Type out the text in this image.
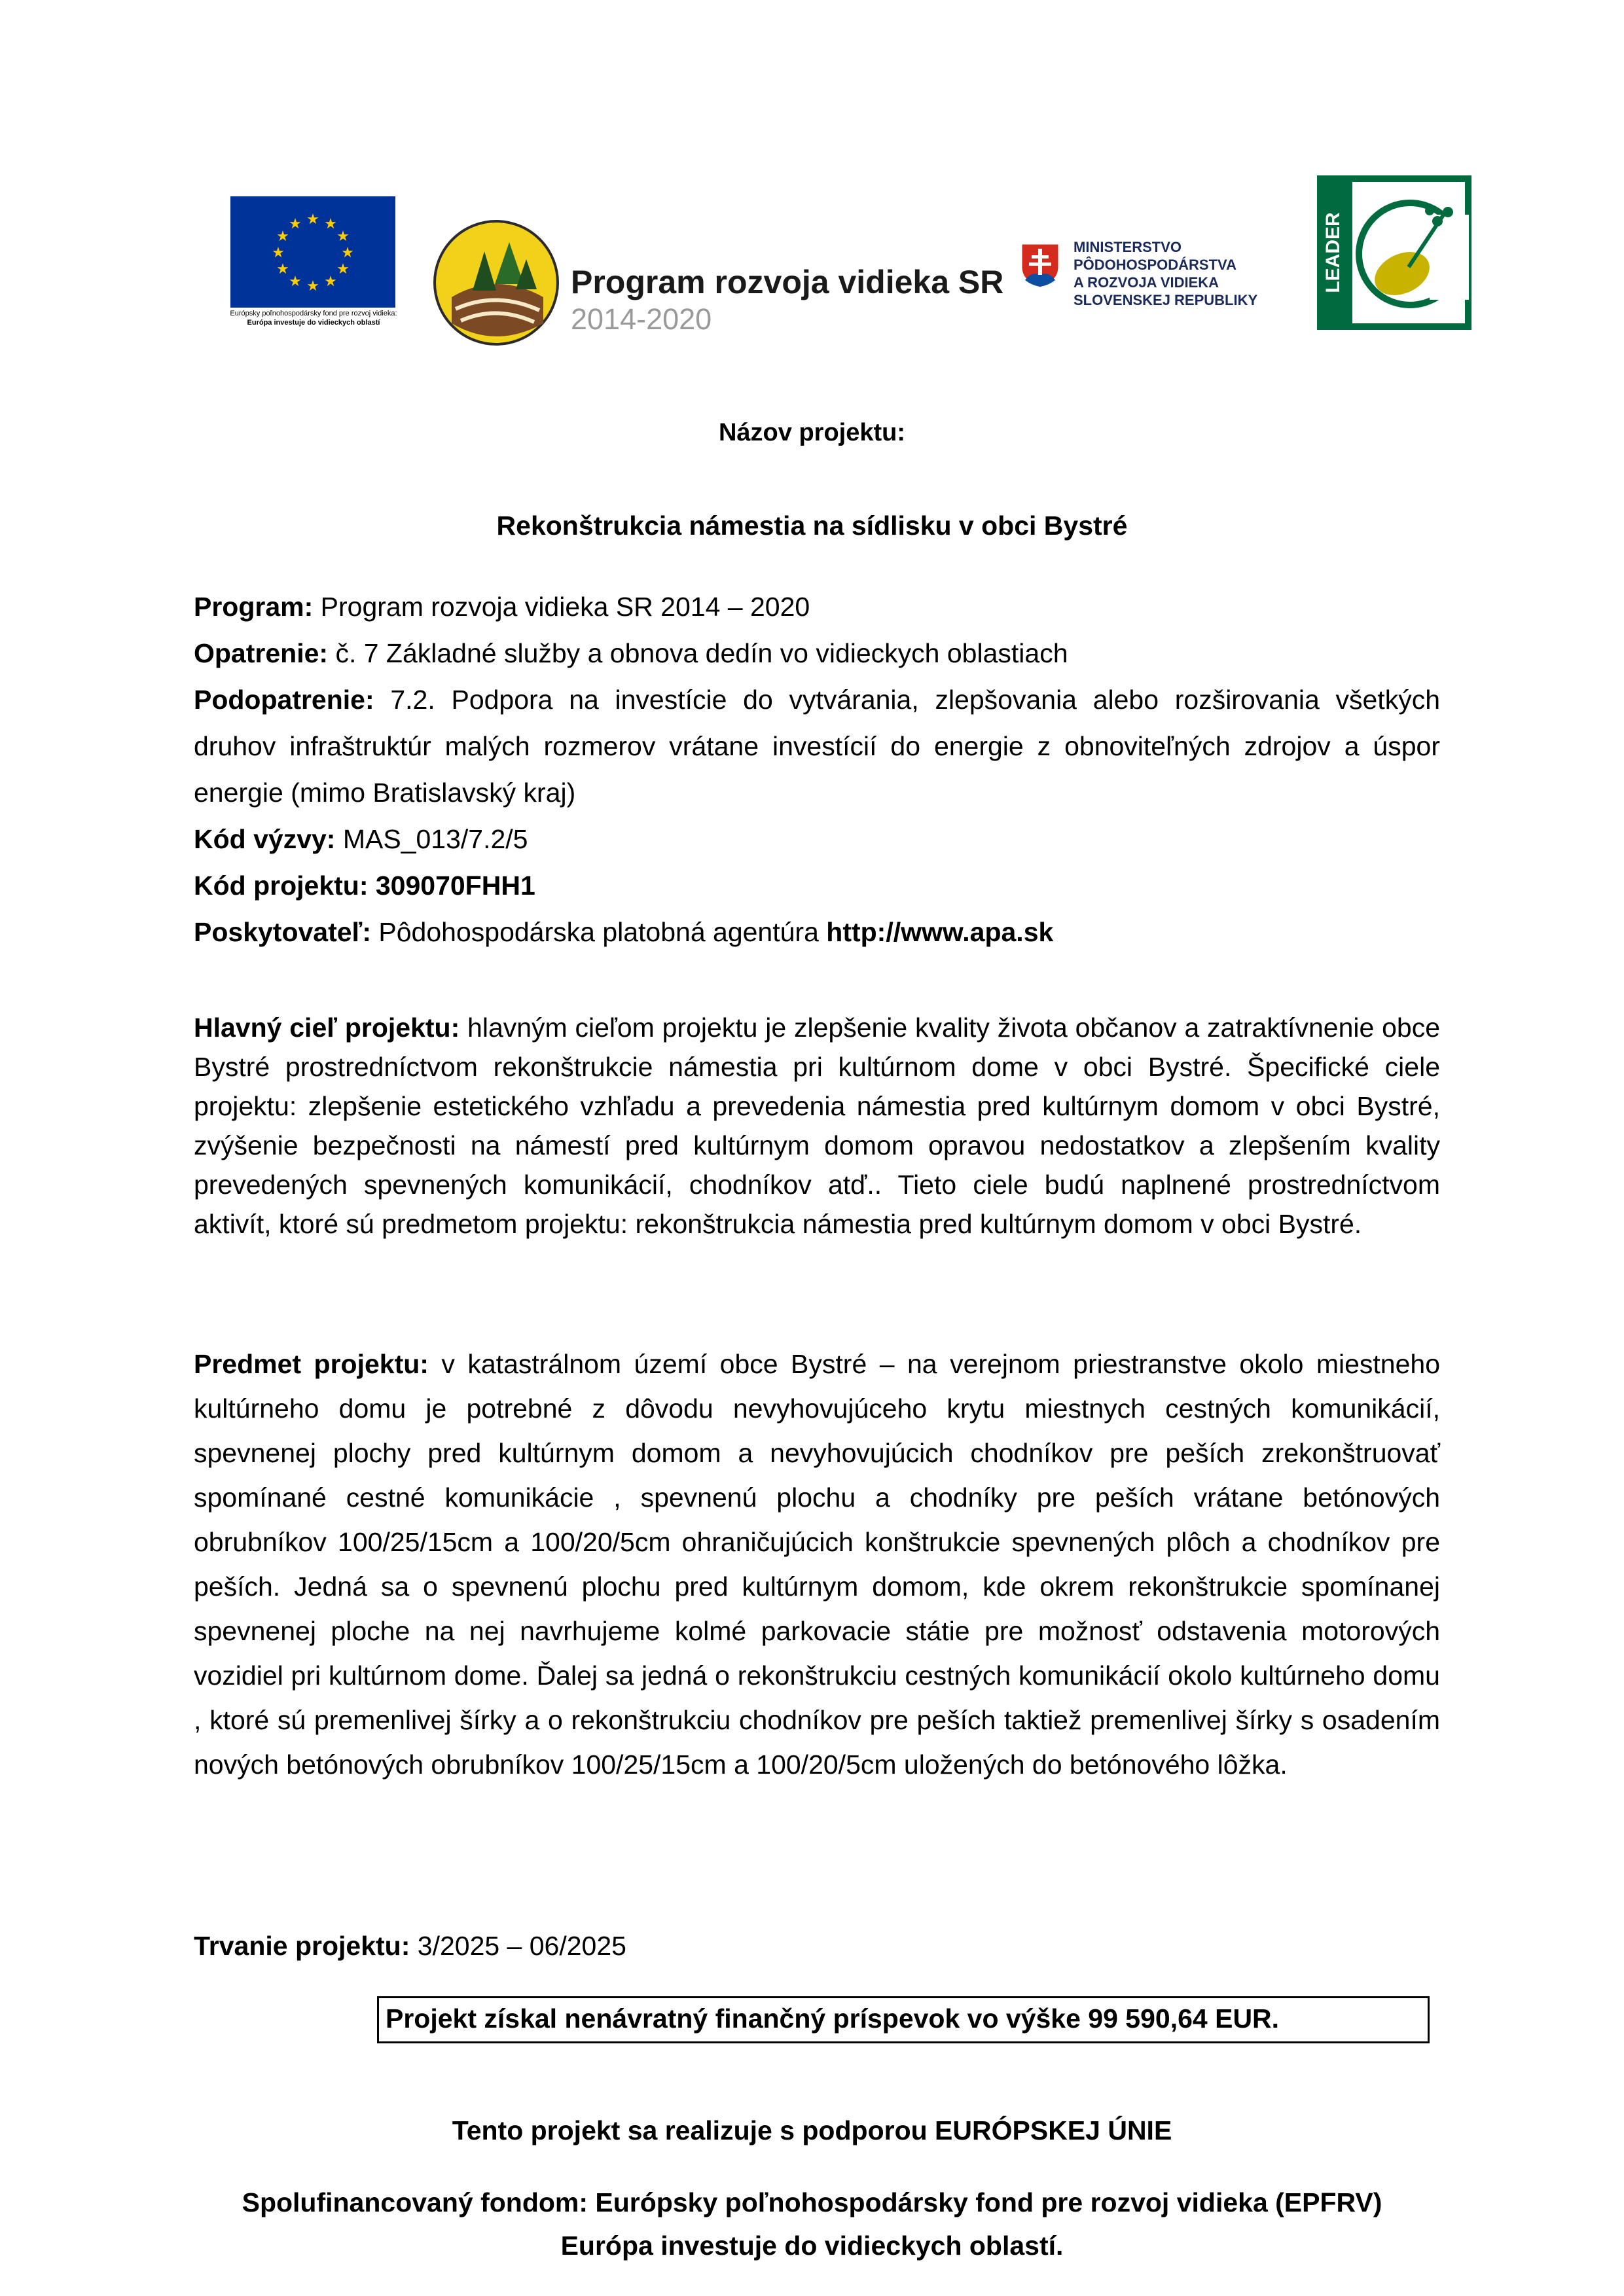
★ ★
★
★
★
★
★
★
★
★
★
★
Európsky poľnohospodársky fond pre rozvoj vidieka:
Európa investuje do vidieckych oblastí
Program rozvoja vidieka SR
2014-2020
MINISTERSTVO
PÔDOHOSPODÁRSTVA
A ROZVOJA VIDIEKA
SLOVENSKEJ REPUBLIKY
LEADER
Názov projektu:
Rekonštrukcia námestia na sídlisku v obci Bystré
Program: Program rozvoja vidieka SR 2014 – 2020
Opatrenie: č. 7 Základné služby a obnova dedín vo vidieckych oblastiach
Podopatrenie: 7.2. Podpora na investície do vytvárania, zlepšovania alebo rozširovania všetkých druhov infraštruktúr malých rozmerov vrátane investícií do energie z obnoviteľných zdrojov a úspor energie (mimo Bratislavský kraj)
Kód výzvy: MAS_013/7.2/5
Kód projektu: 309070FHH1
Poskytovateľ: Pôdohospodárska platobná agentúra http://www.apa.sk
Hlavný cieľ projektu: hlavným cieľom projektu je zlepšenie kvality života občanov a zatraktívnenie obce Bystré prostredníctvom rekonštrukcie námestia pri kultúrnom dome v obci Bystré. Špecifické ciele projektu: zlepšenie estetického vzhľadu a prevedenia námestia pred kultúrnym domom v obci Bystré, zvýšenie bezpečnosti na námestí pred kultúrnym domom opravou nedostatkov a zlepšením kvality prevedených spevnených komunikácií, chodníkov atď.. Tieto ciele budú naplnené prostredníctvom aktivít, ktoré sú predmetom projektu: rekonštrukcia námestia pred kultúrnym domom v obci Bystré.
Predmet projektu: v katastrálnom území obce Bystré – na verejnom priestranstve okolo miestneho kultúrneho domu je potrebné z dôvodu nevyhovujúceho krytu miestnych cestných komunikácií, spevnenej plochy pred kultúrnym domom a nevyhovujúcich chodníkov pre peších zrekonštruovať spomínané cestné komunikácie , spevnenú plochu a chodníky pre peších vrátane betónových obrubníkov 100/25/15cm a 100/20/5cm ohraničujúcich konštrukcie spevnených plôch a chodníkov pre peších. Jedná sa o spevnenú plochu pred kultúrnym domom, kde okrem rekonštrukcie spomínanej spevnenej ploche na nej navrhujeme kolmé parkovacie státie pre možnosť odstavenia motorových vozidiel pri kultúrnom dome. Ďalej sa jedná o rekonštrukciu cestných komunikácií okolo kultúrneho domu , ktoré sú premenlivej šírky a o rekonštrukciu chodníkov pre peších taktiež premenlivej šírky s osadením nových betónových obrubníkov 100/25/15cm a 100/20/5cm uložených do betónového lôžka.
Trvanie projektu: 3/2025 – 06/2025
Projekt získal nenávratný finančný príspevok vo výške 99 590,64 EUR.
Tento projekt sa realizuje s podporou EURÓPSKEJ ÚNIE
Spolufinancovaný fondom: Európsky poľnohospodársky fond pre rozvoj vidieka (EPFRV)
Európa investuje do vidieckych oblastí.
